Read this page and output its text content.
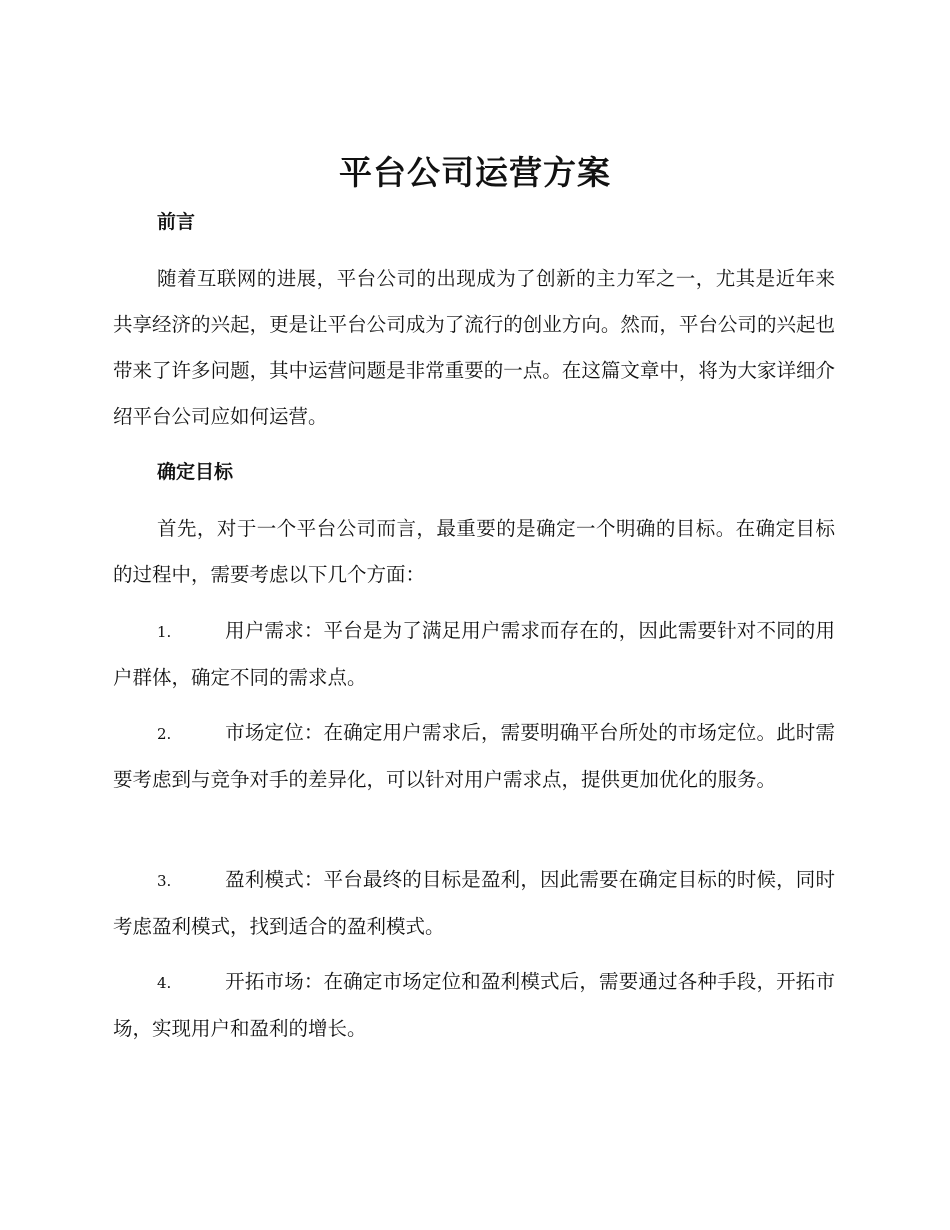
平台公司运营方案
前言

随着互联网的进展，平台公司的出现成为了创新的主力军之一，尤其是近年来共享经济的兴起，更是让平台公司成为了流行的创业方向。然而，平台公司的兴起也带来了许多问题，其中运营问题是非常重要的一点。在这篇文章中，将为大家详细介绍平台公司应如何运营。

确定目标

首先，对于一个平台公司而言，最重要的是确定一个明确的目标。在确定目标的过程中，需要考虑以下几个方面：

1.	用户需求：平台是为了满足用户需求而存在的，因此需要针对不同的用户群体，确定不同的需求点。

2.	市场定位：在确定用户需求后，需要明确平台所处的市场定位。此时需要考虑到与竞争对手的差异化，可以针对用户需求点，提供更加优化的服务。

3.	盈利模式：平台最终的目标是盈利，因此需要在确定目标的时候，同时考虑盈利模式，找到适合的盈利模式。

4.	开拓市场：在确定市场定位和盈利模式后，需要通过各种手段，开拓市场，实现用户和盈利的增长。
